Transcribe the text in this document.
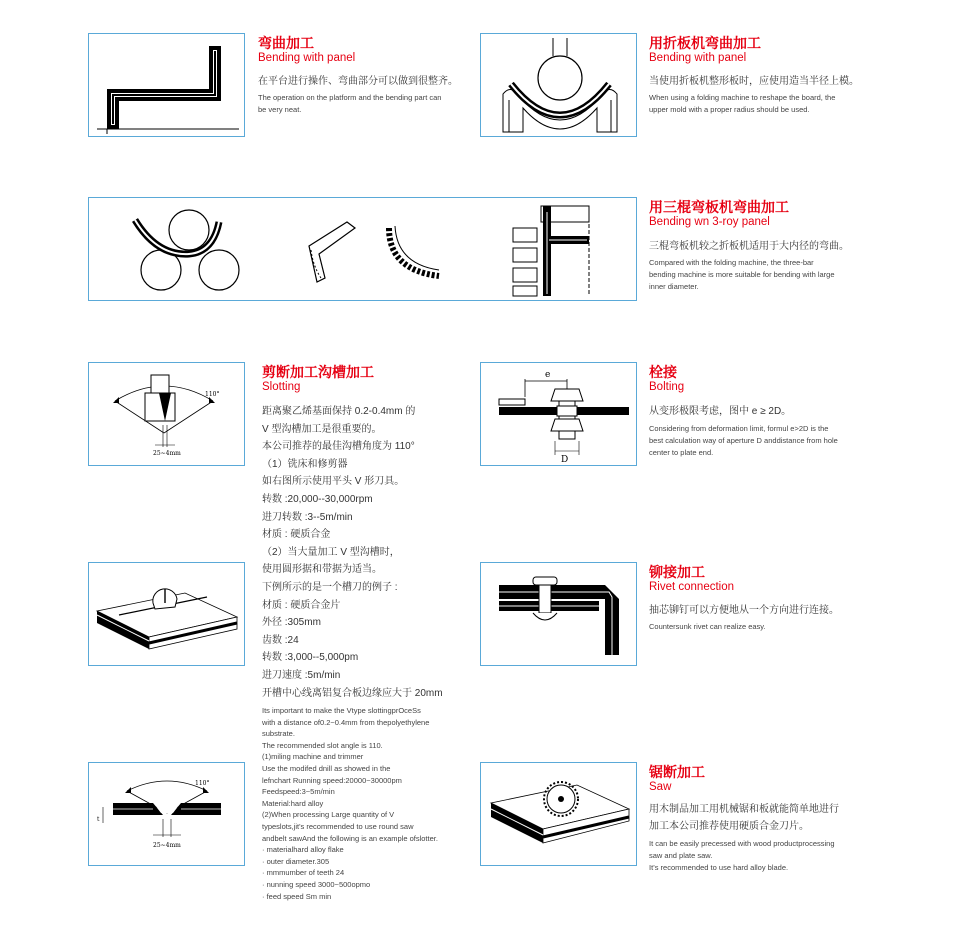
弯曲加工
Bending with panel
在平台进行操作、弯曲部分可以做到很整齐。
The operation on the platform and the bending part can
be very neat.
用折板机弯曲加工
Bending with panel
当使用折板机整形板时，应使用造当半径上模。
When using a folding machine to reshape the board, the
upper mold with a proper radius should be used.
用三棍弯板机弯曲加工
Bending wn 3-roy panel
三棍弯板机较之折板机适用于大内径的弯曲。
Compared with the folding machine, the three-bar
bending machine is more suitable for bending with large
inner diameter.
110°
25~4mm
剪断加工沟槽加工
Slotting
距离聚乙烯基面保持 0.2-0.4mm 的
V 型沟槽加工是很重要的。
本公司推荐的最佳沟槽角度为 110°
（1）铣床和修剪器
如右图所示使用平头 V 形刀具。
转数 :20,000--30,000rpm
进刀转数 :3--5m/min
材质 : 硬质合金
（2）当大量加工 V 型沟槽时，
使用圆形据和带据为适当。
下例所示的是一个槽刀的例子 :
材质 : 硬质合金片
外径 :305mm
齿数 :24
转数 :3,000--5,000pm
进刀速度 :5m/min
开槽中心线离铝复合板边缘应大于 20mm
Its important to make the Vtype slottingprOceSs
with a distance of0.2~0.4mm from thepolyethylene
substrate.
The recommended slot angle is 110.
(1)miling machine and trimmer
Use the modifed dnill as showed in the
lefnchart Running speed:20000~30000pm
Feedspeed:3~5m/min
Material:hard alloy
(2)When processing Large quantity of V
typeslots,jit's recommended to use round saw
andbelt sawAnd the following is an example ofslotter.
· materialhard alloy flake
· outer diameter.305
· mmmumber of teeth 24
· nunning speed 3000~500opmo
· feed speed Sm min
110°
25~4mm
t
e
D
栓接
Bolting
从变形极限考虑，图中 e ≥ 2D。
Considering from deformation limit, formul e>2D is the
best calculation way of aperture D anddistance from hole
center to plate end.
铆接加工
Rivet connection
抽芯铆钉可以方便地从一个方向进行连接。
Countersunk rivet can realize easy.
锯断加工
Saw
用木制品加工用机械锯和板就能简单地进行
加工本公司推荐使用硬质合金刀片。
It can be easily precessed with wood productprocessing
saw and plate saw.
It’s recommended to use hard alloy blade.
